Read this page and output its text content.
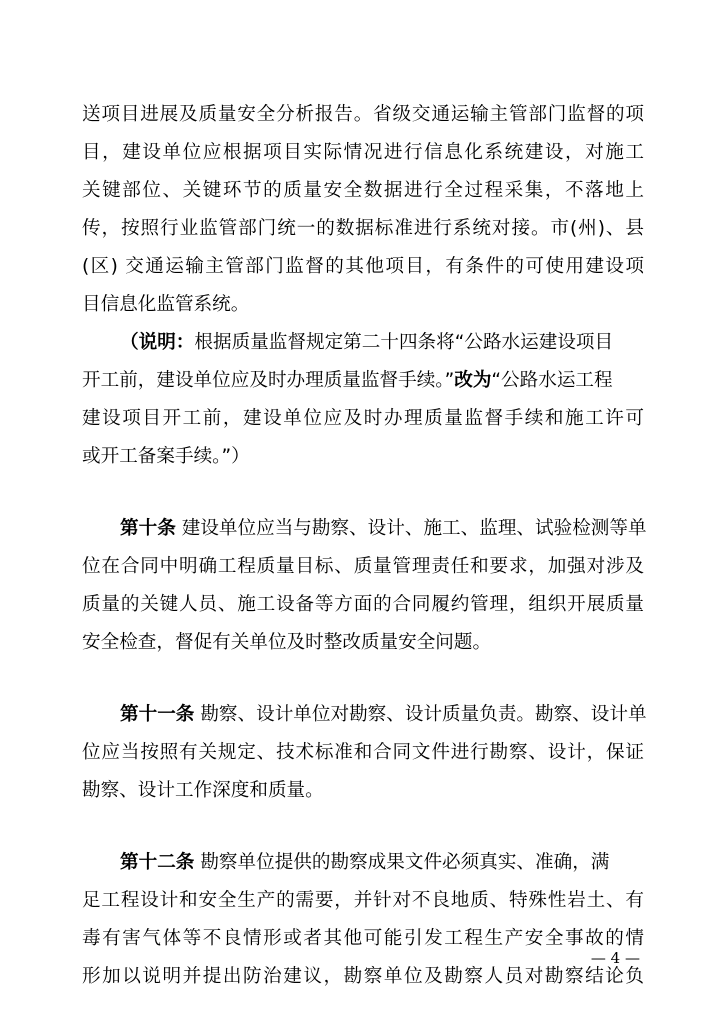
送项目进展及质量安全分析报告。省级交通运输主管部门监督的项
目，建设单位应根据项目实际情况进行信息化系统建设，对施工
关键部位、关键环节的质量安全数据进行全过程采集，不落地上
传，按照行业监管部门统一的数据标准进行系统对接。市(州)、县
(区) 交通运输主管部门监督的其他项目，有条件的可使用建设项
目信息化监管系统。
（说明：根据质量监督规定第二十四条将“公路水运建设项目
开工前，建设单位应及时办理质量监督手续。”改为“公路水运工程
建设项目开工前，建设单位应及时办理质量监督手续和施工许可
或开工备案手续。”）
第十条 建设单位应当与勘察、设计、施工、监理、试验检测等单
位在合同中明确工程质量目标、质量管理责任和要求，加强对涉及
质量的关键人员、施工设备等方面的合同履约管理，组织开展质量
安全检查，督促有关单位及时整改质量安全问题。
第十一条 勘察、设计单位对勘察、设计质量负责。勘察、设计单
位应当按照有关规定、技术标准和合同文件进行勘察、设计，保证
勘察、设计工作深度和质量。
第十二条 勘察单位提供的勘察成果文件必须真实、准确，满
足工程设计和安全生产的需要，并针对不良地质、特殊性岩土、有
毒有害气体等不良情形或者其他可能引发工程生产安全事故的情
形加以说明并提出防治建议，勘察单位及勘察人员对勘察结论负
— 4 —
